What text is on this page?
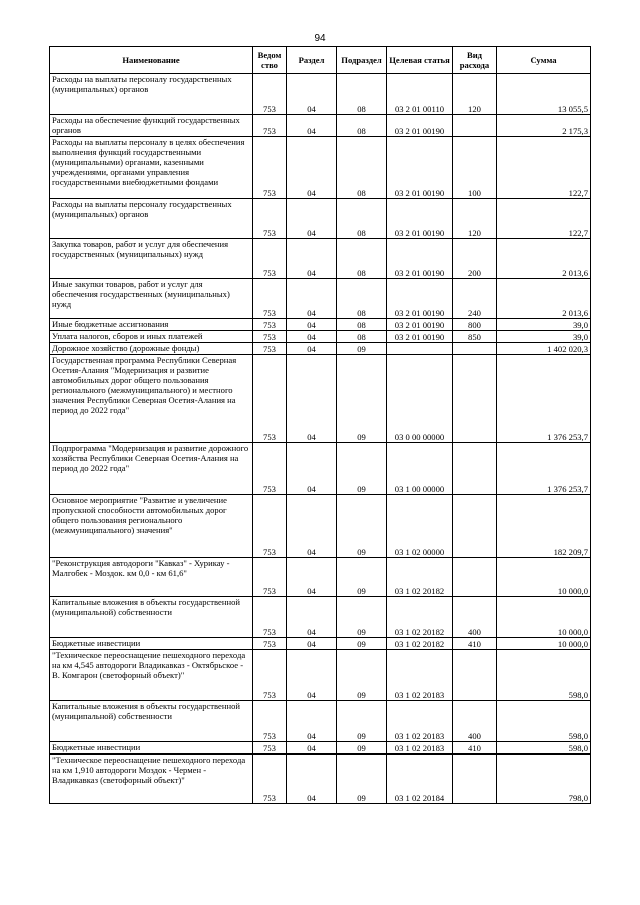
94
Наименование	Ведом ство	Раздел	Подраздел	Целевая статья	Вид расхода	Сумма
Расходы на выплаты персоналу государственных (муниципальных) органов	753	04	08	03 2 01 00110	120	13 055,5
Расходы на обеспечение функций государственных органов	753	04	08	03 2 01 00190		2 175,3
Расходы на выплаты персоналу в целях обеспечения выполнения функций государственными (муниципальными) органами, казенными учреждениями, органами управления государственными внебюджетными фондами	753	04	08	03 2 01 00190	100	122,7
Расходы на выплаты персоналу государственных (муниципальных) органов	753	04	08	03 2 01 00190	120	122,7
Закупка товаров, работ и услуг для обеспечения государственных (муниципальных) нужд	753	04	08	03 2 01 00190	200	2 013,6
Иные закупки товаров, работ и услуг для обеспечения государственных (муниципальных) нужд	753	04	08	03 2 01 00190	240	2 013,6
Иные бюджетные ассигнования	753	04	08	03 2 01 00190	800	39,0
Уплата налогов, сборов и иных платежей	753	04	08	03 2 01 00190	850	39,0
Дорожное хозяйство (дорожные фонды)	753	04	09			1 402 020,3
Государственная программа Республики Северная Осетия-Алания "Модернизация и развитие автомобильных дорог общего пользования регионального (межмуниципального) и местного значения Республики Северная Осетия-Алания на период до 2022 года"	753	04	09	03 0 00 00000		1 376 253,7
Подпрограмма "Модернизация и развитие дорожного хозяйства Республики Северная Осетия-Алания на период до 2022 года"	753	04	09	03 1 00 00000		1 376 253,7
Основное мероприятие "Развитие и увеличение пропускной способности автомобильных дорог общего пользования регионального (межмуниципального) значения"	753	04	09	03 1 02 00000		182 209,7
"Реконструкция автодороги "Кавказ" - Хурикау - Малгобек - Моздок. км 0,0 - км 61,6"	753	04	09	03 1 02 20182		10 000,0
Капитальные вложения в объекты государственной (муниципальной) собственности	753	04	09	03 1 02 20182	400	10 000,0
Бюджетные инвестиции	753	04	09	03 1 02 20182	410	10 000,0
"Техническое переоснащение пешеходного перехода на км 4,545 автодороги Владикавказ - Октябрьское - В. Комгарон (светофорный объект)"	753	04	09	03 1 02 20183		598,0
Капитальные вложения в объекты государственной (муниципальной) собственности	753	04	09	03 1 02 20183	400	598,0
Бюджетные инвестиции	753	04	09	03 1 02 20183	410	598,0
"Техническое переоснащение пешеходного перехода на км 1,910 автодороги Моздок - Чермен - Владикавказ (светофорный объект)"	753	04	09	03 1 02 20184		798,0
